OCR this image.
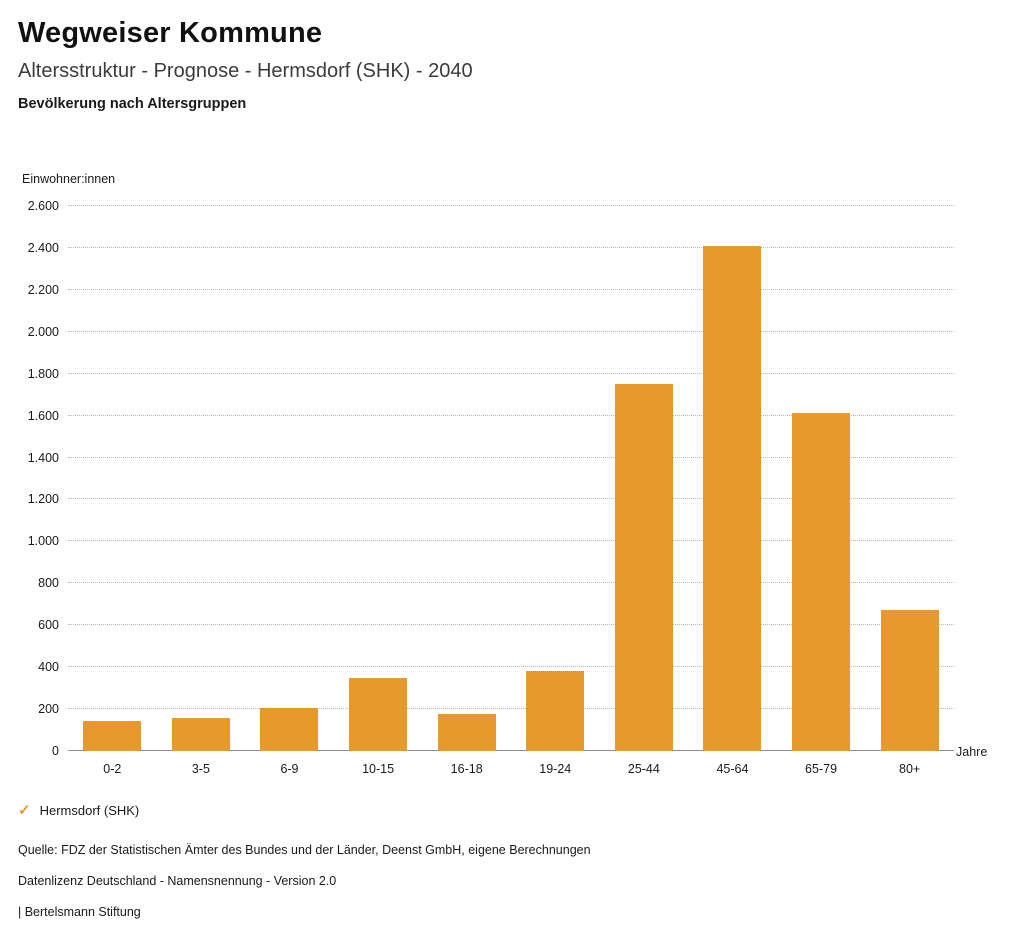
Wegweiser Kommune
Altersstruktur - Prognose - Hermsdorf (SHK) - 2040
Bevölkerung nach Altersgruppen
Einwohner:innen
0
200
400
600
800
1.000
1.200
1.400
1.600
1.800
2.000
2.200
2.400
2.600
0-2	3-5	6-9	10-15	16-18	19-24	25-44	45-64	65-79	80+
Jahre
✓ Hermsdorf (SHK)
Quelle: FDZ der Statistischen Ämter des Bundes und der Länder, Deenst GmbH, eigene Berechnungen
Datenlizenz Deutschland - Namensnennung - Version 2.0
| Bertelsmann Stiftung
